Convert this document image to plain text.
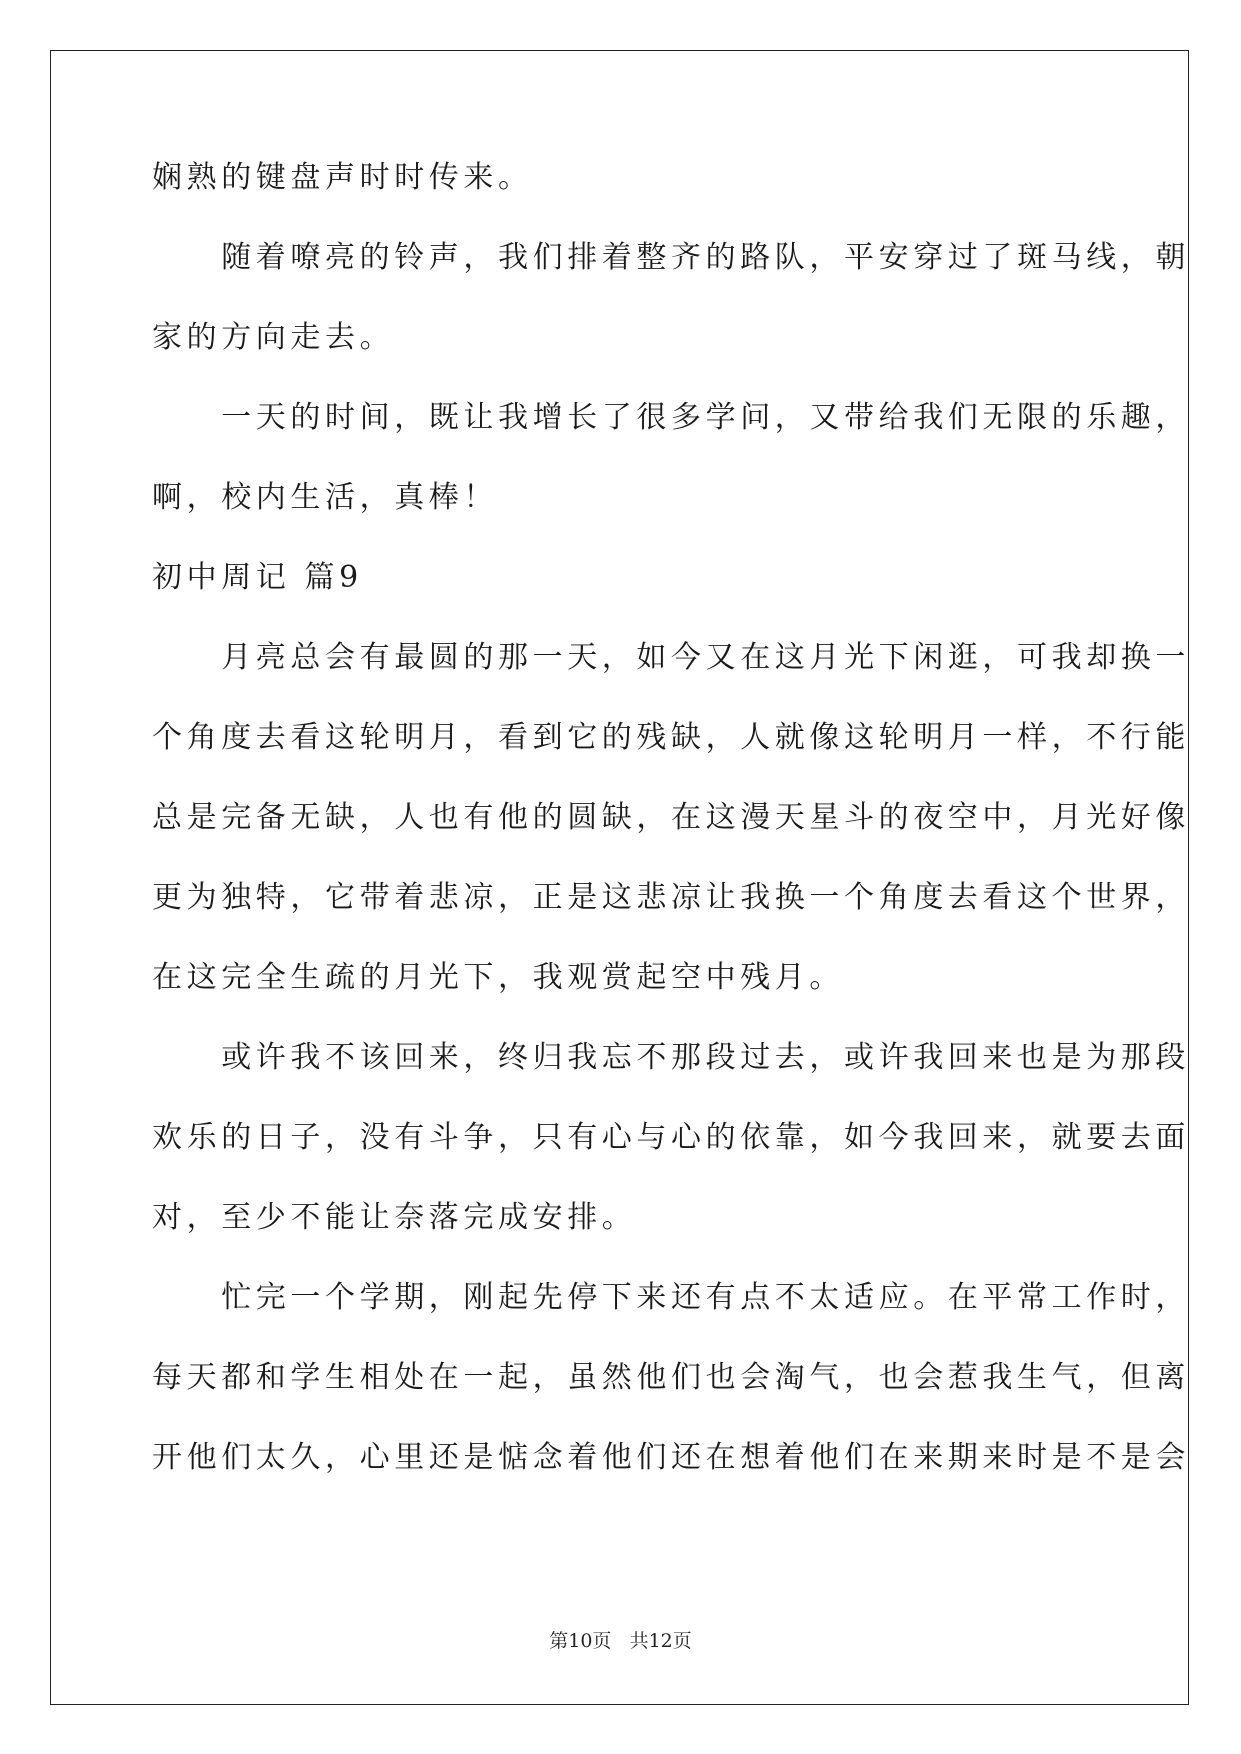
娴熟的键盘声时时传来。
　　随着嘹亮的铃声，我们排着整齐的路队，平安穿过了斑马线，朝
家的方向走去。
　　一天的时间，既让我增长了很多学问，又带给我们无限的乐趣，
啊，校内生活，真棒！
初中周记 篇9
　　月亮总会有最圆的那一天，如今又在这月光下闲逛，可我却换一
个角度去看这轮明月，看到它的残缺，人就像这轮明月一样，不行能
总是完备无缺，人也有他的圆缺，在这漫天星斗的夜空中，月光好像
更为独特，它带着悲凉，正是这悲凉让我换一个角度去看这个世界，
在这完全生疏的月光下，我观赏起空中残月。
　　或许我不该回来，终归我忘不那段过去，或许我回来也是为那段
欢乐的日子，没有斗争，只有心与心的依靠，如今我回来，就要去面
对，至少不能让奈落完成安排。
　　忙完一个学期，刚起先停下来还有点不太适应。在平常工作时，
每天都和学生相处在一起，虽然他们也会淘气，也会惹我生气，但离
开他们太久，心里还是惦念着他们还在想着他们在来期来时是不是会
第10页 共12页
